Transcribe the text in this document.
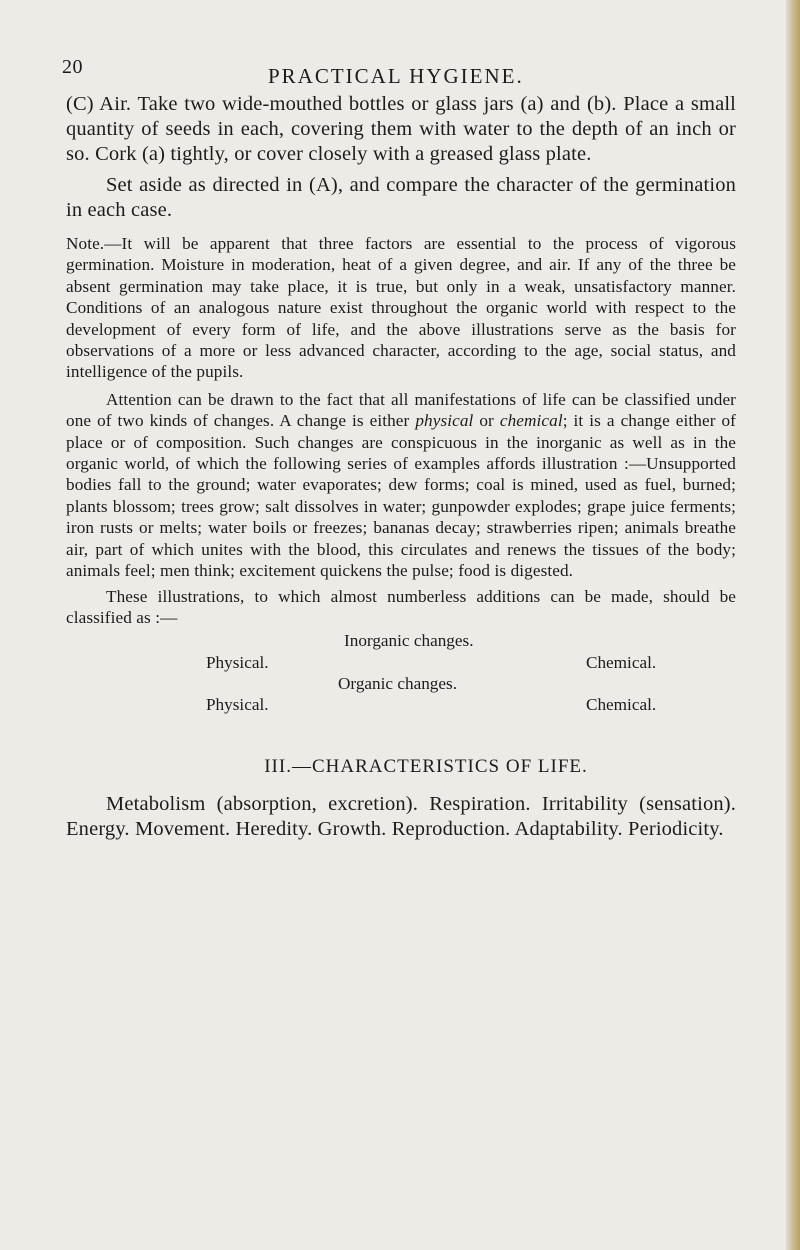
20	PRACTICAL HYGIENE.

(C) Air. Take two wide-mouthed bottles or glass jars (a) and (b). Place a small quantity of seeds in each, covering them with water to the depth of an inch or so. Cork (a) tightly, or cover closely with a greased glass plate.

Set aside as directed in (A), and compare the character of the germination in each case.

Note.—It will be apparent that three factors are essential to the process of vigorous germination. Moisture in moderation, heat of a given degree, and air. If any of the three be absent germination may take place, it is true, but only in a weak, unsatisfactory manner. Conditions of an analogous nature exist throughout the organic world with respect to the development of every form of life, and the above illustrations serve as the basis for observations of a more or less advanced character, according to the age, social status, and intelligence of the pupils.

Attention can be drawn to the fact that all manifestations of life can be classified under one of two kinds of changes. A change is either physical or chemical; it is a change either of place or of composition. Such changes are conspicuous in the inorganic as well as in the organic world, of which the following series of examples affords illustration :—Unsupported bodies fall to the ground; water evaporates; dew forms; coal is mined, used as fuel, burned; plants blossom; trees grow; salt dissolves in water; gunpowder explodes; grape juice ferments; iron rusts or melts; water boils or freezes; bananas decay; strawberries ripen; animals breathe air, part of which unites with the blood, this circulates and renews the tissues of the body; animals feel; men think; excitement quickens the pulse; food is digested.

These illustrations, to which almost numberless additions can be made, should be classified as :—

Inorganic changes.
Physical.	Chemical.
Organic changes.
Physical.	Chemical.
III.—CHARACTERISTICS OF LIFE.

Metabolism (absorption, excretion). Respiration. Irritability (sensation). Energy. Movement. Heredity. Growth. Reproduction. Adaptability. Periodicity.
